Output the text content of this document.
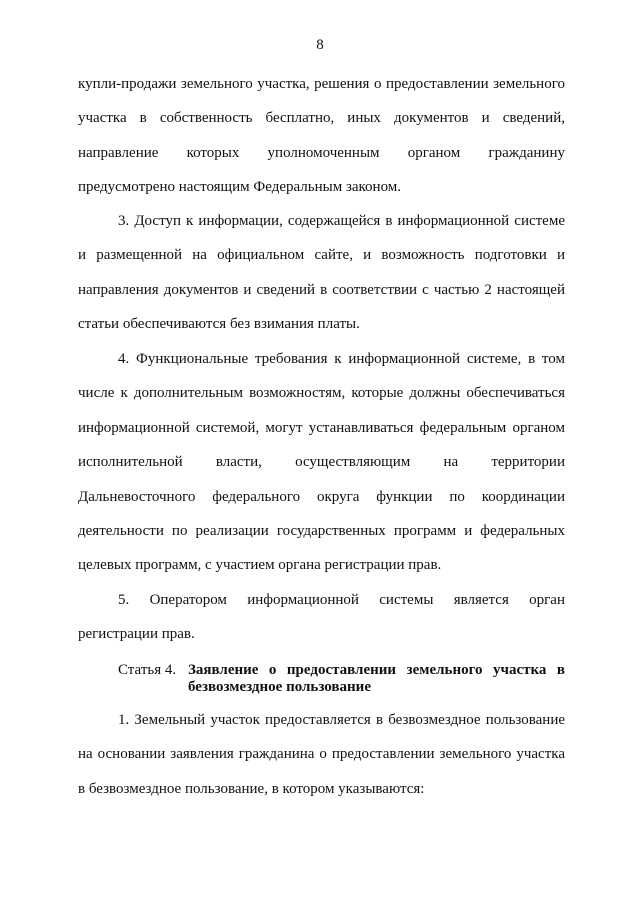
8

купли-продажи земельного участка, решения о предоставлении земельного участка в собственность бесплатно, иных документов и сведений, направление которых уполномоченным органом гражданину предусмотрено настоящим Федеральным законом.

3. Доступ к информации, содержащейся в информационной системе и размещенной на официальном сайте, и возможность подготовки и направления документов и сведений в соответствии с частью 2 настоящей статьи обеспечиваются без взимания платы.

4. Функциональные требования к информационной системе, в том числе к дополнительным возможностям, которые должны обеспечиваться информационной системой, могут устанавливаться федеральным органом исполнительной власти, осуществляющим на территории Дальневосточного федерального округа функции по координации деятельности по реализации государственных программ и федеральных целевых программ, с участием органа регистрации прав.

5. Оператором информационной системы является орган регистрации прав.

Статья 4. Заявление о предоставлении земельного участка в безвозмездное пользование

1. Земельный участок предоставляется в безвозмездное пользование на основании заявления гражданина о предоставлении земельного участка в безвозмездное пользование, в котором указываются:
